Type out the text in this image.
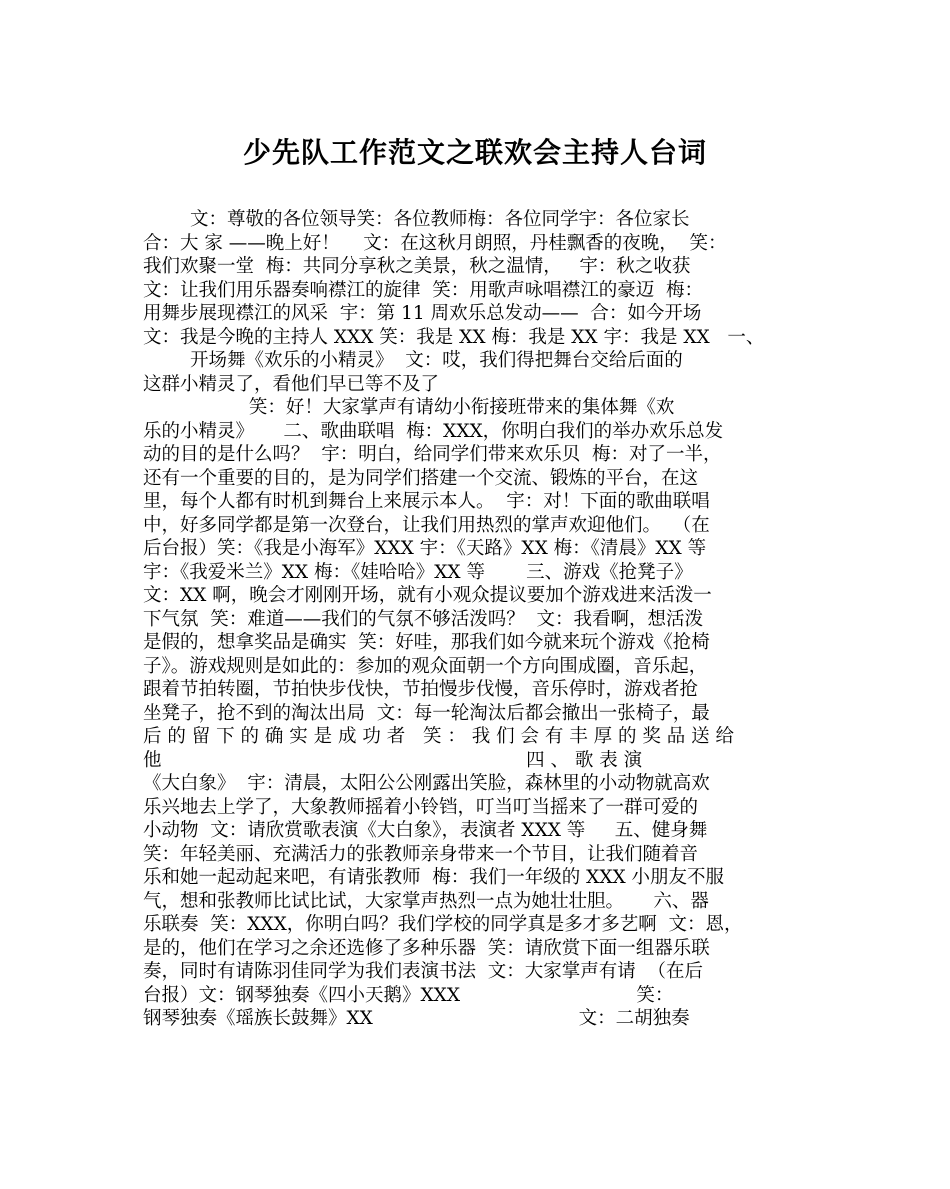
少先队工作范文之联欢会主持人台词
文：尊敬的各位领导笑：各位教师梅：各位同学宇：各位家长
合：大 家 ——晚上好！    文：在这秋月朗照，丹桂飘香的夜晚，  笑：
我们欢聚一堂  梅：共同分享秋之美景，秋之温情，   宇：秋之收获
文：让我们用乐器奏响襟江的旋律  笑：用歌声咏唱襟江的豪迈  梅：
用舞步展现襟江的风采  宇：第 11 周欢乐总发动——  合：如今开场
文：我是今晚的主持人 XXX 笑：我是 XX 梅：我是 XX 宇：我是 XX   一、
开场舞《欢乐的小精灵》  文：哎，我们得把舞台交给后面的
这群小精灵了，看他们早已等不及了
笑：好！大家掌声有请幼小衔接班带来的集体舞《欢
乐的小精灵》     二、歌曲联唱  梅：XXX，你明白我们的举办欢乐总发
动的目的是什么吗？  宇：明白，给同学们带来欢乐贝  梅：对了一半，
还有一个重要的目的，是为同学们搭建一个交流、锻炼的平台，在这
里，每个人都有时机到舞台上来展示本人。  宇：对！下面的歌曲联唱
中，好多同学都是第一次登台，让我们用热烈的掌声欢迎他们。  （在
后台报）笑：《我是小海军》XXX 宇：《天路》XX 梅：《清晨》XX 等
宇：《我爱米兰》XX 梅：《娃哈哈》XX 等       三、游戏《抢凳子》
文：XX 啊，晚会才刚刚开场，就有小观众提议要加个游戏进来活泼一
下气氛  笑：难道——我们的气氛不够活泼吗？  文：我看啊，想活泼
是假的，想拿奖品是确实  笑：好哇，那我们如今就来玩个游戏《抢椅
子》。游戏规则是如此的：参加的观众面朝一个方向围成圈，音乐起，
跟着节拍转圈，节拍快步伐快，节拍慢步伐慢，音乐停时，游戏者抢
坐凳子，抢不到的淘汰出局  文：每一轮淘汰后都会撤出一张椅子，最
后 的 留 下 的 确 实 是 成 功 者   笑 ： 我 们 会 有 丰 厚 的 奖 品 送 给
他                                                              四 、 歌 表 演
《大白象》  宇：清晨，太阳公公刚露出笑脸，森林里的小动物就高欢
乐兴地去上学了，大象教师摇着小铃铛，叮当叮当摇来了一群可爱的
小动物  文：请欣赏歌表演《大白象》，表演者 XXX 等     五、健身舞
笑：年轻美丽、充满活力的张教师亲身带来一个节目，让我们随着音
乐和她一起动起来吧，有请张教师  梅：我们一年级的 XXX 小朋友不服
气，想和张教师比试比试，大家掌声热烈一点为她壮壮胆。     六、器
乐联奏  笑：XXX，你明白吗？我们学校的同学真是多才多艺啊  文：恩，
是的，他们在学习之余还选修了多种乐器  笑：请欣赏下面一组器乐联
奏，同时有请陈羽佳同学为我们表演书法  文：大家掌声有请  （在后
台报）文：钢琴独奏《四小天鹅》XXX                              笑：
钢琴独奏《瑶族长鼓舞》XX                                   文：二胡独奏
